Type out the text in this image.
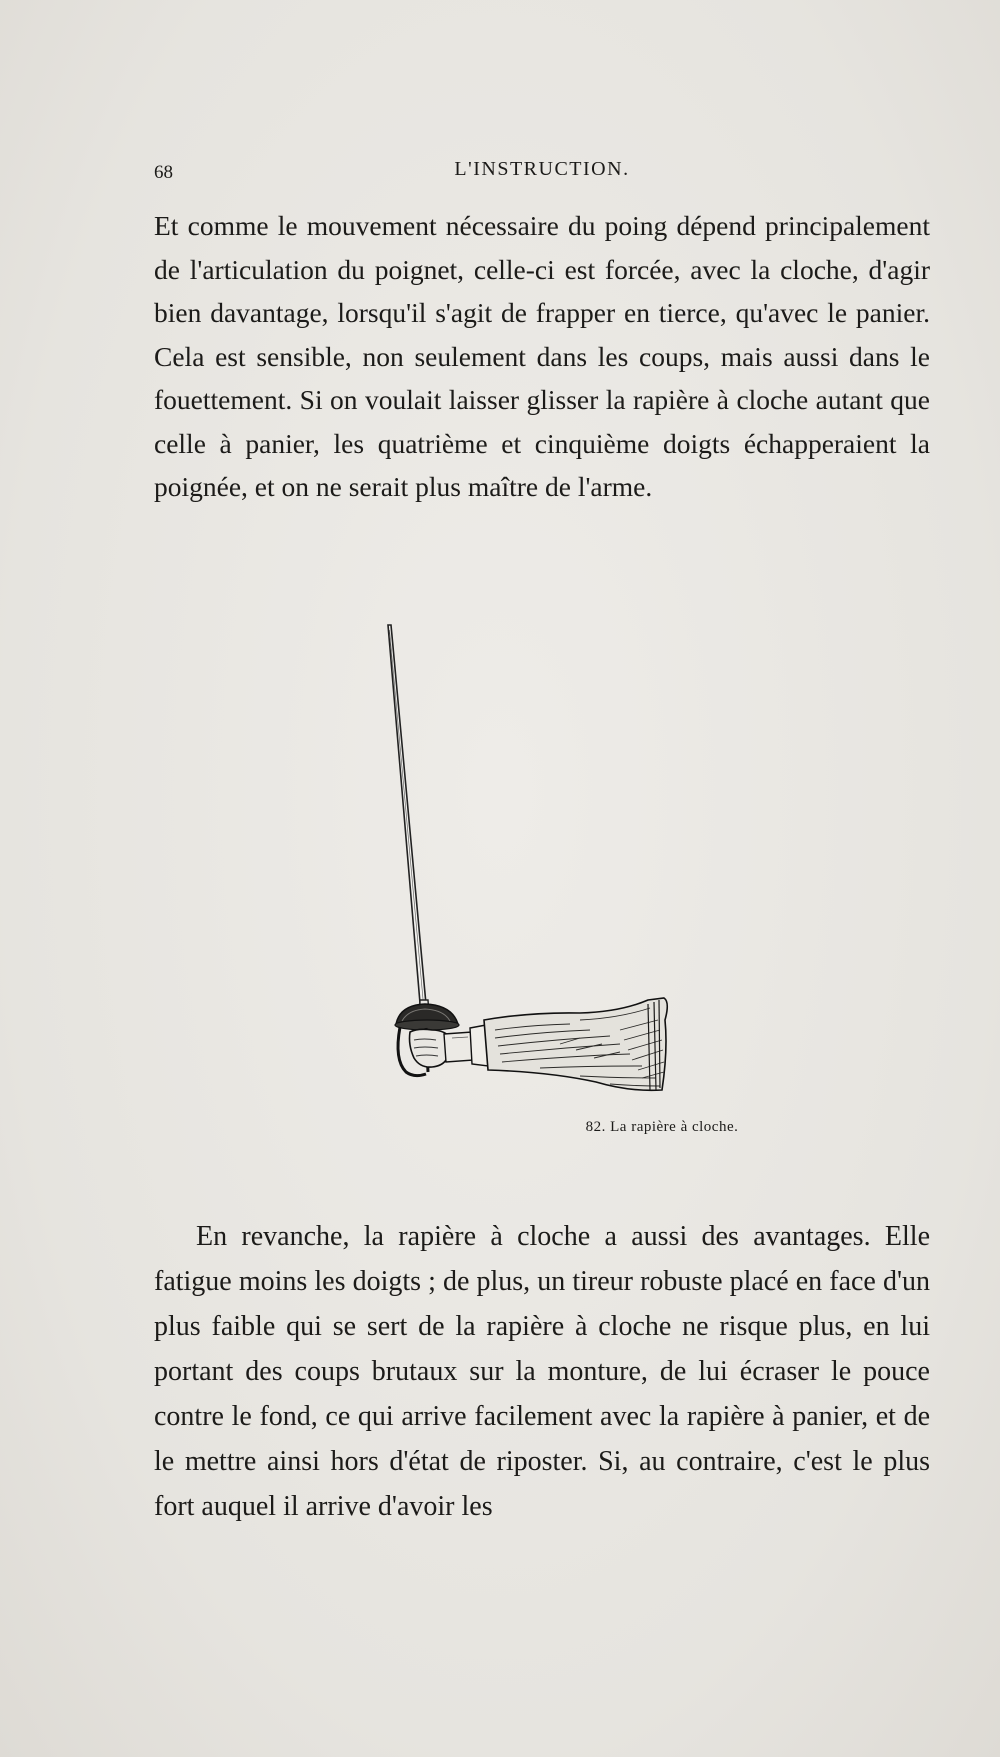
68	L'INSTRUCTION.

Et comme le mouvement nécessaire du poing dépend principalement de l'articulation du poignet, celle-ci est forcée, avec la cloche, d'agir bien davantage, lorsqu'il s'agit de frapper en tierce, qu'avec le panier. Cela est sensible, non seulement dans les coups, mais aussi dans le fouettement. Si on voulait laisser glisser la rapière à cloche autant que celle à panier, les quatrième et cinquième doigts échapperaient la poignée, et on ne serait plus maître de l'arme.

82. La rapière à cloche.

En revanche, la rapière à cloche a aussi des avantages. Elle fatigue moins les doigts ; de plus, un tireur robuste placé en face d'un plus faible qui se sert de la rapière à cloche ne risque plus, en lui portant des coups brutaux sur la monture, de lui écraser le pouce contre le fond, ce qui arrive facilement avec la rapière à panier, et de le mettre ainsi hors d'état de riposter. Si, au contraire, c'est le plus fort auquel il arrive d'avoir les
